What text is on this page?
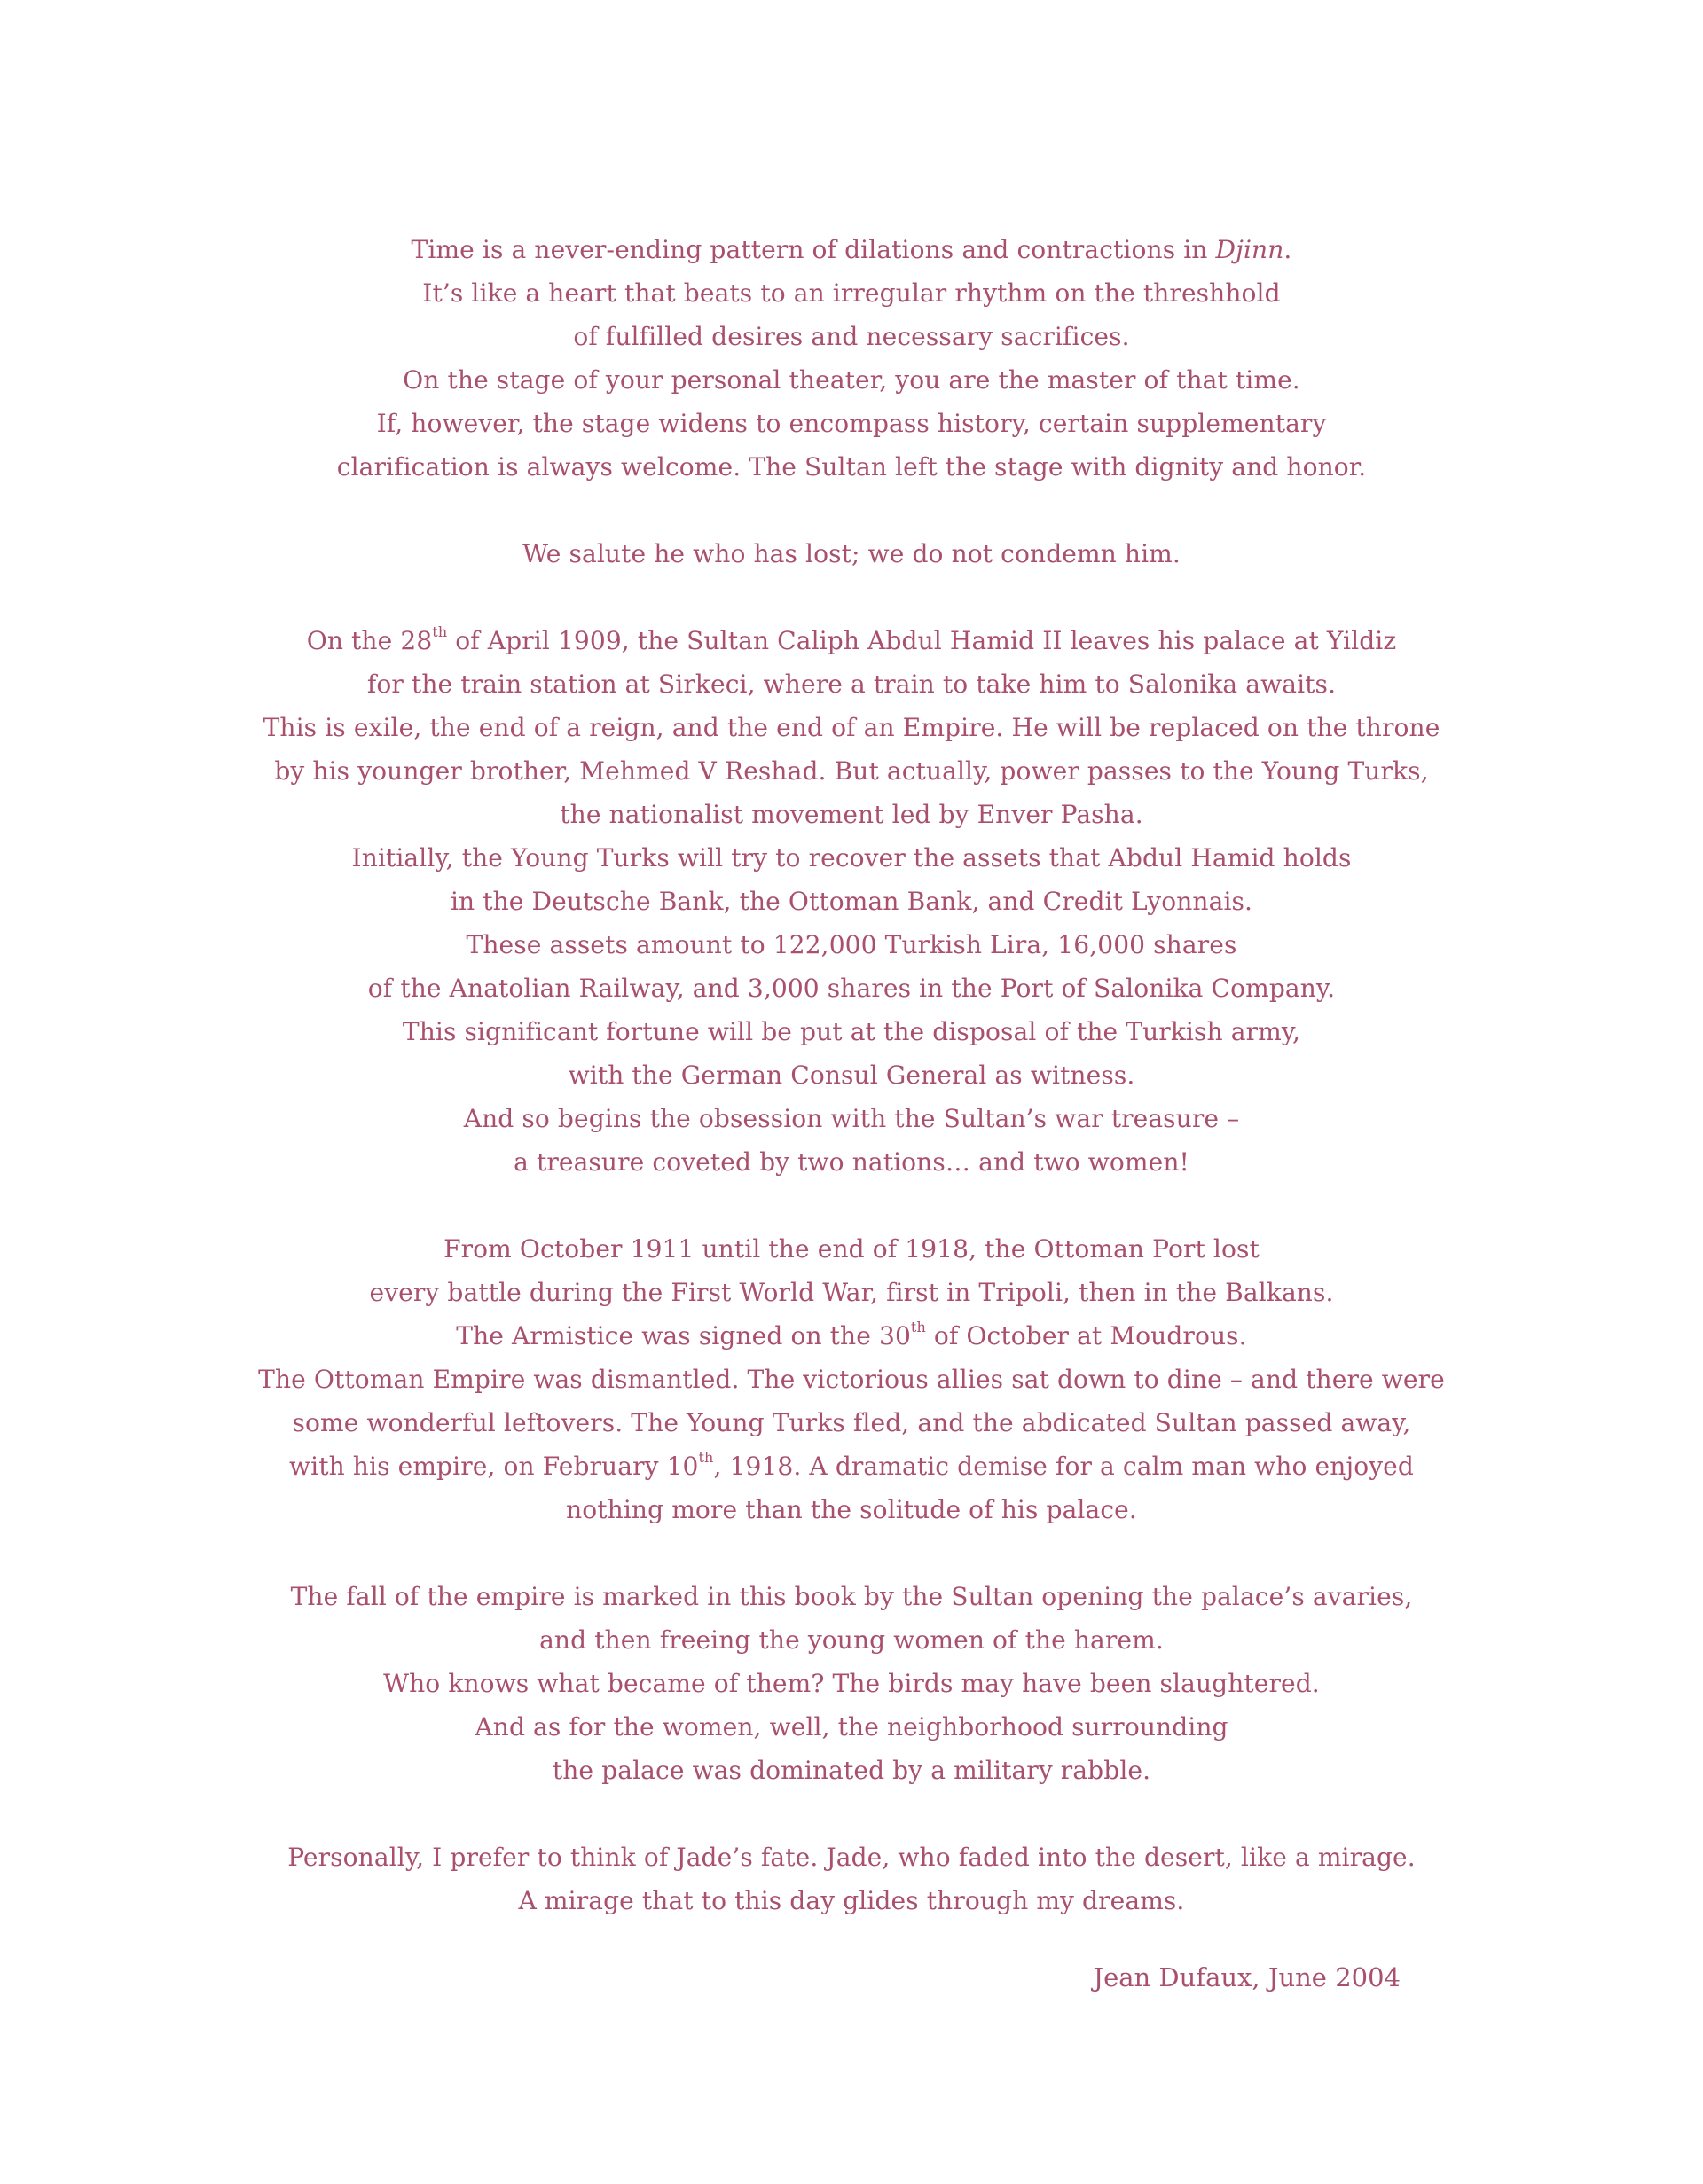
Time is a never-ending pattern of dilations and contractions in Djinn.
It’s like a heart that beats to an irregular rhythm on the threshhold
of fulfilled desires and necessary sacrifices.
On the stage of your personal theater, you are the master of that time.
If, however, the stage widens to encompass history, certain supplementary
clarification is always welcome. The Sultan left the stage with dignity and honor.
We salute he who has lost; we do not condemn him.
On the 28th of April 1909, the Sultan Caliph Abdul Hamid II leaves his palace at Yildiz
for the train station at Sirkeci, where a train to take him to Salonika awaits.
This is exile, the end of a reign, and the end of an Empire. He will be replaced on the throne
by his younger brother, Mehmed V Reshad. But actually, power passes to the Young Turks,
the nationalist movement led by Enver Pasha.
Initially, the Young Turks will try to recover the assets that Abdul Hamid holds
in the Deutsche Bank, the Ottoman Bank, and Credit Lyonnais.
These assets amount to 122,000 Turkish Lira, 16,000 shares
of the Anatolian Railway, and 3,000 shares in the Port of Salonika Company.
This significant fortune will be put at the disposal of the Turkish army,
with the German Consul General as witness.
And so begins the obsession with the Sultan’s war treasure –
a treasure coveted by two nations… and two women!
From October 1911 until the end of 1918, the Ottoman Port lost
every battle during the First World War, first in Tripoli, then in the Balkans.
The Armistice was signed on the 30th of October at Moudrous.
The Ottoman Empire was dismantled. The victorious allies sat down to dine – and there were
some wonderful leftovers. The Young Turks fled, and the abdicated Sultan passed away,
with his empire, on February 10th, 1918. A dramatic demise for a calm man who enjoyed
nothing more than the solitude of his palace.
The fall of the empire is marked in this book by the Sultan opening the palace’s avaries,
and then freeing the young women of the harem.
Who knows what became of them? The birds may have been slaughtered.
And as for the women, well, the neighborhood surrounding
the palace was dominated by a military rabble.
Personally, I prefer to think of Jade’s fate. Jade, who faded into the desert, like a mirage.
A mirage that to this day glides through my dreams.
Jean Dufaux, June 2004
